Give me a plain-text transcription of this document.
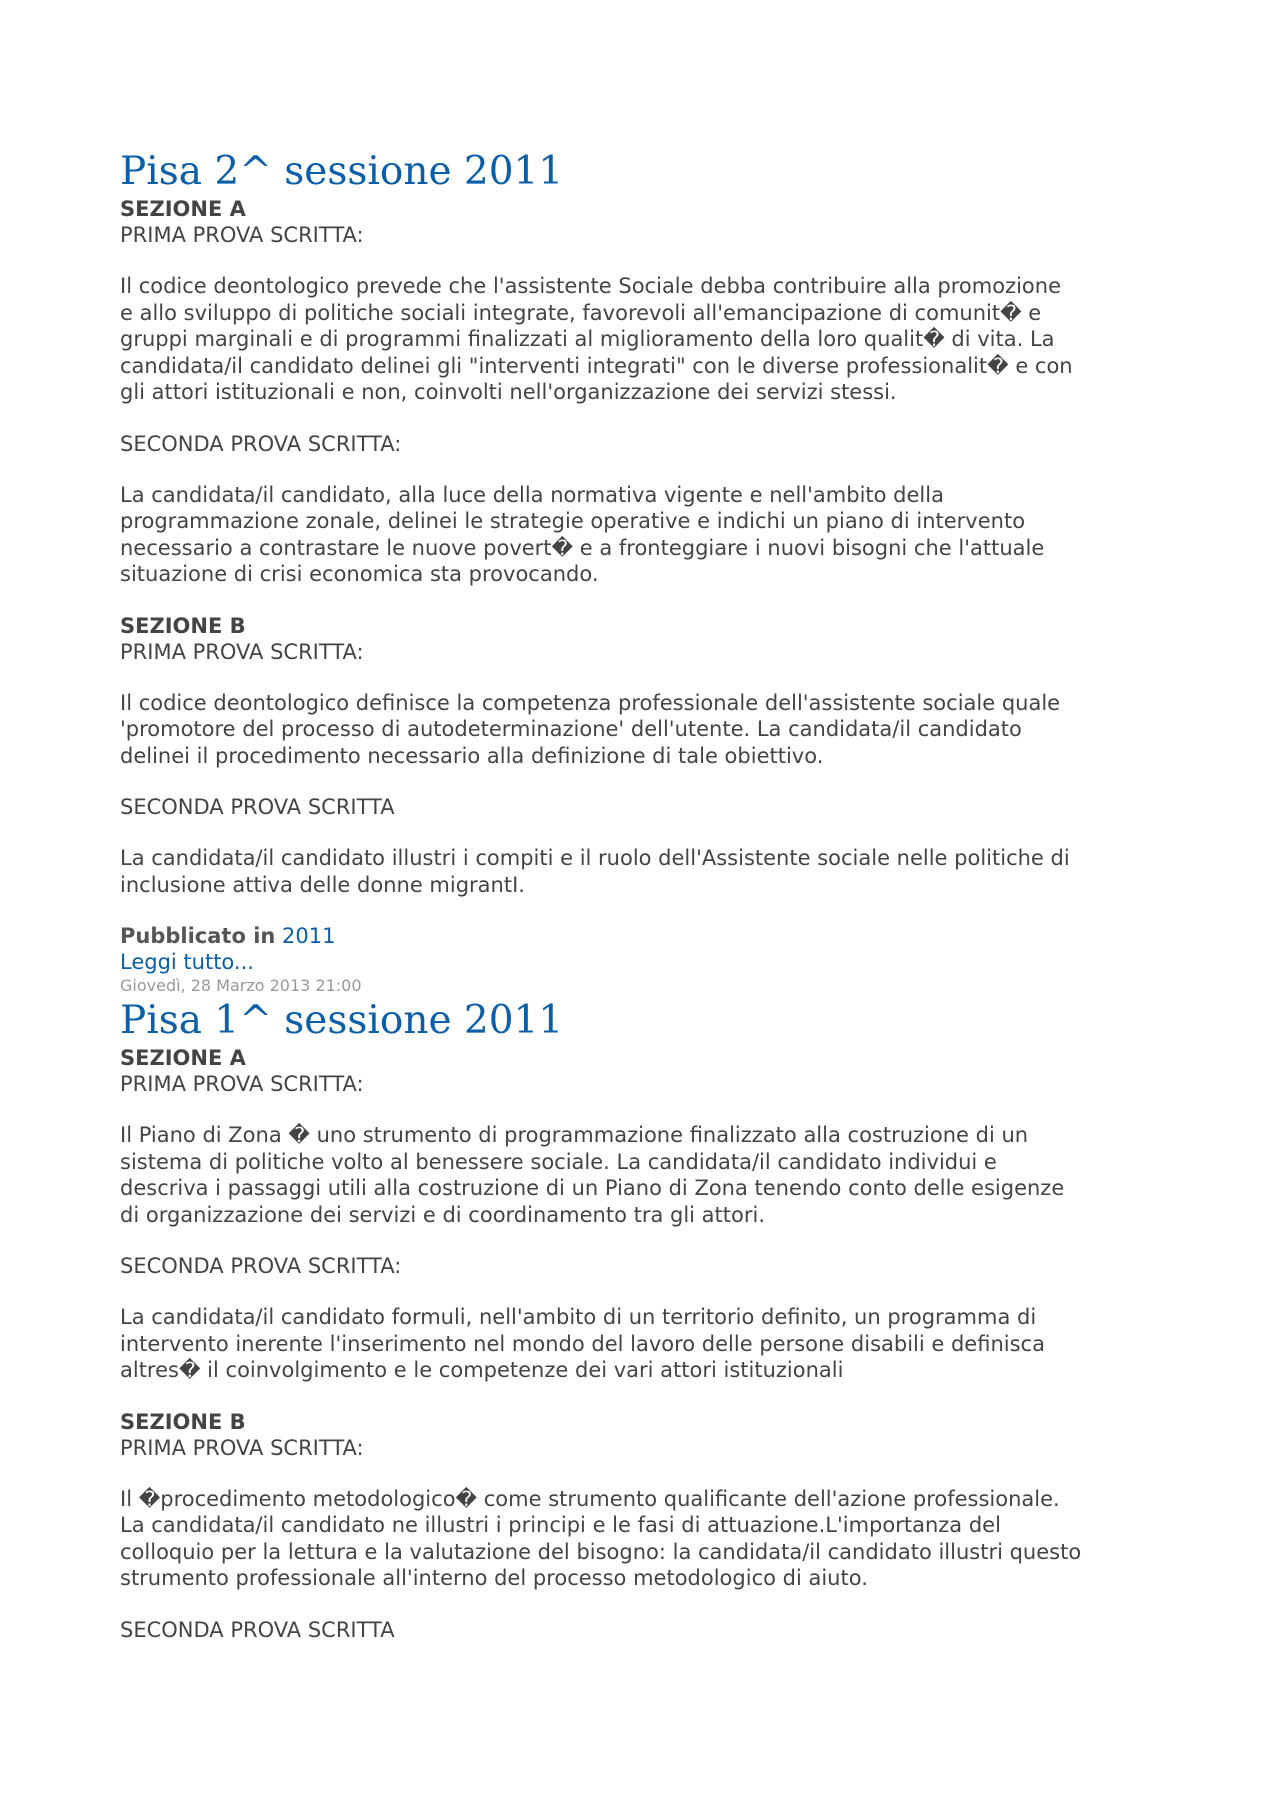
Pisa 2^ sessione 2011
SEZIONE A
PRIMA PROVA SCRITTA:
Il codice deontologico prevede che l'assistente Sociale debba contribuire alla promozione
e allo sviluppo di politiche sociali integrate, favorevoli all'emancipazione di comunit� e
gruppi marginali e di programmi finalizzati al miglioramento della loro qualit� di vita. La
candidata/il candidato delinei gli "interventi integrati" con le diverse professionalit� e con
gli attori istituzionali e non, coinvolti nell'organizzazione dei servizi stessi.
SECONDA PROVA SCRITTA:
La candidata/il candidato, alla luce della normativa vigente e nell'ambito della
programmazione zonale, delinei le strategie operative e indichi un piano di intervento
necessario a contrastare le nuove povert� e a fronteggiare i nuovi bisogni che l'attuale
situazione di crisi economica sta provocando.
SEZIONE B
PRIMA PROVA SCRITTA:
Il codice deontologico definisce la competenza professionale dell'assistente sociale quale
'promotore del processo di autodeterminazione' dell'utente. La candidata/il candidato
delinei il procedimento necessario alla definizione di tale obiettivo.
SECONDA PROVA SCRITTA
La candidata/il candidato illustri i compiti e il ruolo dell'Assistente sociale nelle politiche di
inclusione attiva delle donne migrantI.
Pubblicato in 2011
Leggi tutto...
Giovedì, 28 Marzo 2013 21:00
Pisa 1^ sessione 2011
SEZIONE A
PRIMA PROVA SCRITTA:
Il Piano di Zona � uno strumento di programmazione finalizzato alla costruzione di un
sistema di politiche volto al benessere sociale. La candidata/il candidato individui e
descriva i passaggi utili alla costruzione di un Piano di Zona tenendo conto delle esigenze
di organizzazione dei servizi e di coordinamento tra gli attori.
SECONDA PROVA SCRITTA:
La candidata/il candidato formuli, nell'ambito di un territorio definito, un programma di
intervento inerente l'inserimento nel mondo del lavoro delle persone disabili e definisca
altres� il coinvolgimento e le competenze dei vari attori istituzionali
SEZIONE B
PRIMA PROVA SCRITTA:
Il �procedimento metodologico� come strumento qualificante dell'azione professionale.
La candidata/il candidato ne illustri i principi e le fasi di attuazione.L'importanza del
colloquio per la lettura e la valutazione del bisogno: la candidata/il candidato illustri questo
strumento professionale all'interno del processo metodologico di aiuto.
SECONDA PROVA SCRITTA
